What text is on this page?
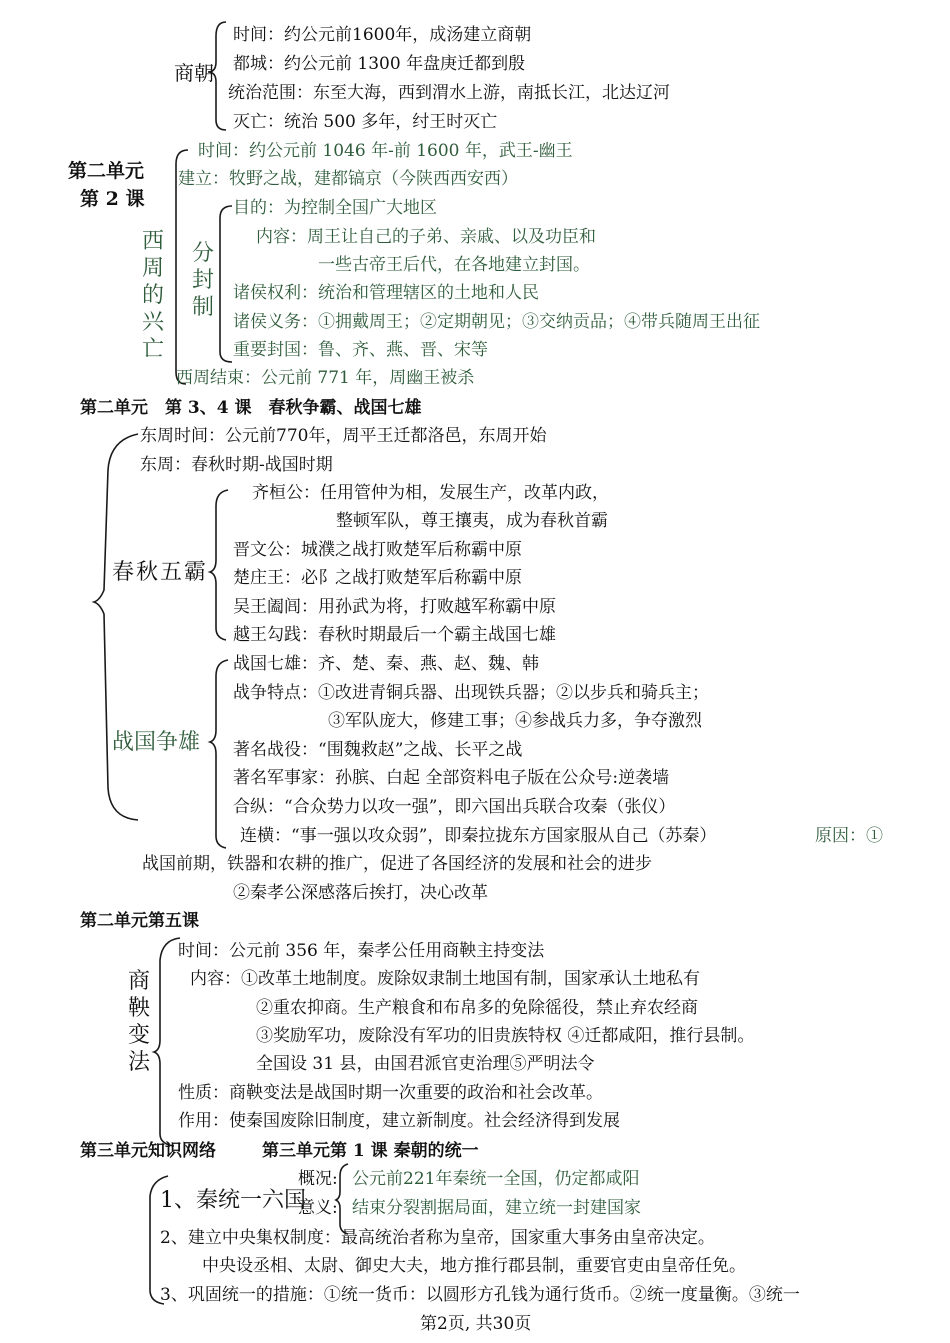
商朝
时间：约公元前1600年，成汤建立商朝
都城：约公元前 1300 年盘庚迁都到殷
统治范围：东至大海，西到渭水上游，南抵长江，北达辽河
灭亡：统治 500 多年，纣王时灭亡
第二单元
第 2 课
西周的兴亡
时间：约公元前 1046 年-前 1600 年，武王-幽王
建立：牧野之战，建都镐京（今陕西西安西）
分封制
目的：为控制全国广大地区
内容：周王让自己的子弟、亲戚、以及功臣和
一些古帝王后代，在各地建立封国。
诸侯权利：统治和管理辖区的土地和人民
诸侯义务：①拥戴周王；②定期朝见；③交纳贡品；④带兵随周王出征
重要封国：鲁、齐、燕、晋、宋等
西周结束：公元前 771 年，周幽王被杀
第二单元　第 3、4 课　春秋争霸、战国七雄
东周时间：公元前770年，周平王迁都洛邑，东周开始
东周：春秋时期-战国时期
春秋五霸
齐桓公：任用管仲为相，发展生产，改革内政，
整顿军队，尊王攘夷，成为春秋首霸
晋文公：城濮之战打败楚军后称霸中原
楚庄王：必阝之战打败楚军后称霸中原
吴王阖闾：用孙武为将，打败越军称霸中原
越王勾践：春秋时期最后一个霸主战国七雄
战国争雄
战国七雄：齐、楚、秦、燕、赵、魏、韩
战争特点：①改进青铜兵器、出现铁兵器；②以步兵和骑兵主；
③军队庞大，修建工事；④参战兵力多，争夺激烈
著名战役：“围魏救赵”之战、长平之战
著名军事家：孙膑、白起 全部资料电子版在公众号:逆袭墙
合纵：“合众势力以攻一强”，即六国出兵联合攻秦（张仪）
连横：“事一强以攻众弱”，即秦拉拢东方国家服从自己（苏秦）	原因：①
战国前期，铁器和农耕的推广，促进了各国经济的发展和社会的进步
②秦孝公深感落后挨打，决心改革
第二单元第五课
商鞅变法
时间：公元前 356 年，秦孝公任用商鞅主持变法
内容：①改革土地制度。废除奴隶制土地国有制，国家承认土地私有
②重农抑商。生产粮食和布帛多的免除徭役，禁止弃农经商
③奖励军功，废除没有军功的旧贵族特权 ④迁都咸阳，推行县制。
全国设 31 县，由国君派官吏治理⑤严明法令
性质：商鞅变法是战国时期一次重要的政治和社会改革。
作用：使秦国废除旧制度，建立新制度。社会经济得到发展
第三单元知识网络	第三单元第 1 课 秦朝的统一
1、秦统一六国
概况: 公元前221年秦统一全国，仍定都咸阳
意义: 结束分裂割据局面，建立统一封建国家
2、建立中央集权制度：最高统治者称为皇帝，国家重大事务由皇帝决定。
中央设丞相、太尉、御史大夫，地方推行郡县制，重要官吏由皇帝任免。
3、巩固统一的措施：①统一货币：以圆形方孔钱为通行货币。②统一度量衡。③统一
第2页, 共30页
